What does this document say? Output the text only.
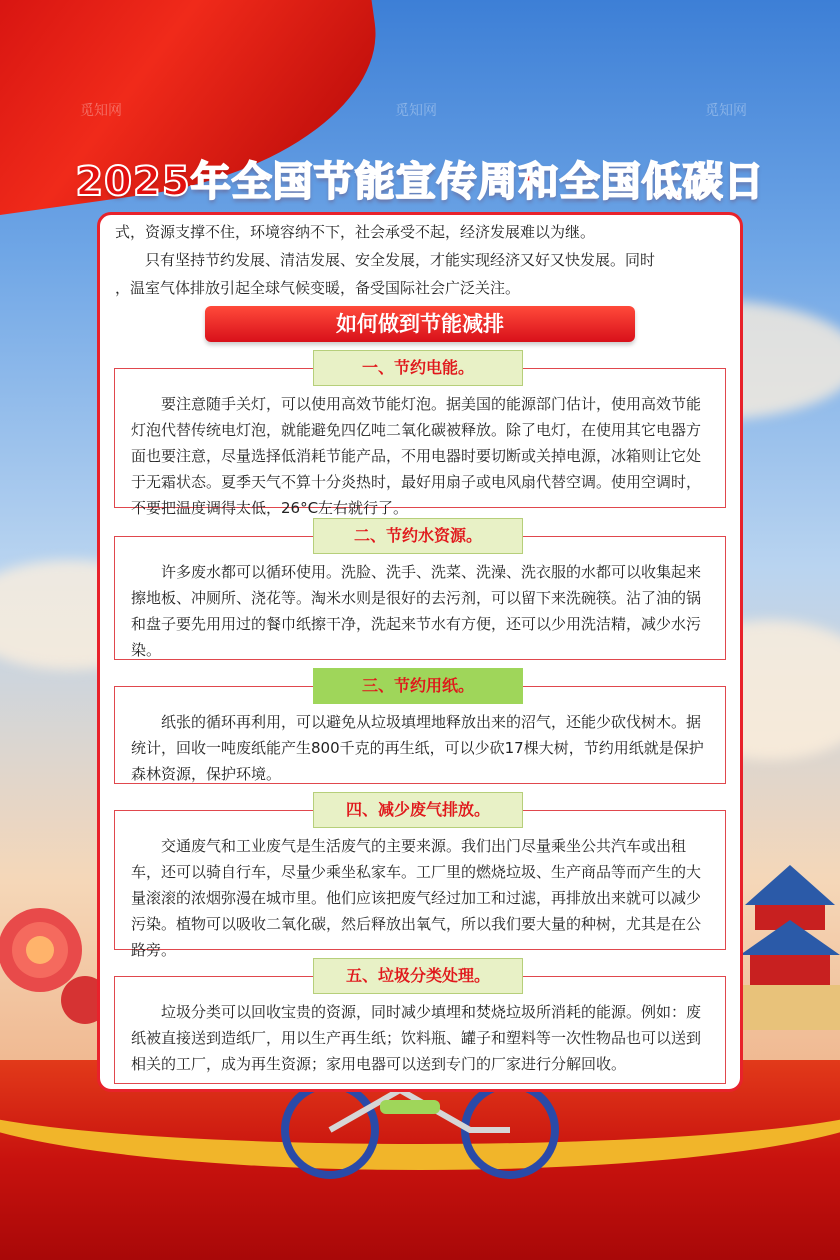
觅知网	觅知网	觅知网
2025年全国节能宣传周和全国低碳日

式，资源支撑不住，环境容纳不下，社会承受不起，经济发展难以为继。

只有坚持节约发展、清洁发展、安全发展，才能实现经济又好又快发展。同时

，温室气体排放引起全球气候变暖，备受国际社会广泛关注。

如何做到节能减排

要注意随手关灯，可以使用高效节能灯泡。据美国的能源部门估计，使用高效节能灯泡代替传统电灯泡，就能避免四亿吨二氧化碳被释放。除了电灯，在使用其它电器方面也要注意，尽量选择低消耗节能产品，不用电器时要切断或关掉电源，冰箱则让它处于无霜状态。夏季天气不算十分炎热时，最好用扇子或电风扇代替空调。使用空调时，不要把温度调得太低，26°C左右就行了。

一、节约电能。

许多废水都可以循环使用。洗脸、洗手、洗菜、洗澡、洗衣服的水都可以收集起来擦地板、冲厕所、浇花等。淘米水则是很好的去污剂，可以留下来洗碗筷。沾了油的锅和盘子要先用用过的餐巾纸擦干净，洗起来节水有方便，还可以少用洗洁精，减少水污染。

二、节约水资源。

纸张的循环再利用，可以避免从垃圾填埋地释放出来的沼气，还能少砍伐树木。据统计，回收一吨废纸能产生800千克的再生纸，可以少砍17棵大树，节约用纸就是保护森林资源，保护环境。

三、节约用纸。

交通废气和工业废气是生活废气的主要来源。我们出门尽量乘坐公共汽车或出租车，还可以骑自行车，尽量少乘坐私家车。工厂里的燃烧垃圾、生产商品等而产生的大量滚滚的浓烟弥漫在城市里。他们应该把废气经过加工和过滤，再排放出来就可以减少污染。植物可以吸收二氧化碳，然后释放出氧气，所以我们要大量的种树，尤其是在公路旁。

四、减少废气排放。

垃圾分类可以回收宝贵的资源，同时减少填埋和焚烧垃圾所消耗的能源。例如：废纸被直接送到造纸厂，用以生产再生纸；饮料瓶、罐子和塑料等一次性物品也可以送到相关的工厂，成为再生资源；家用电器可以送到专门的厂家进行分解回收。

五、垃圾分类处理。
